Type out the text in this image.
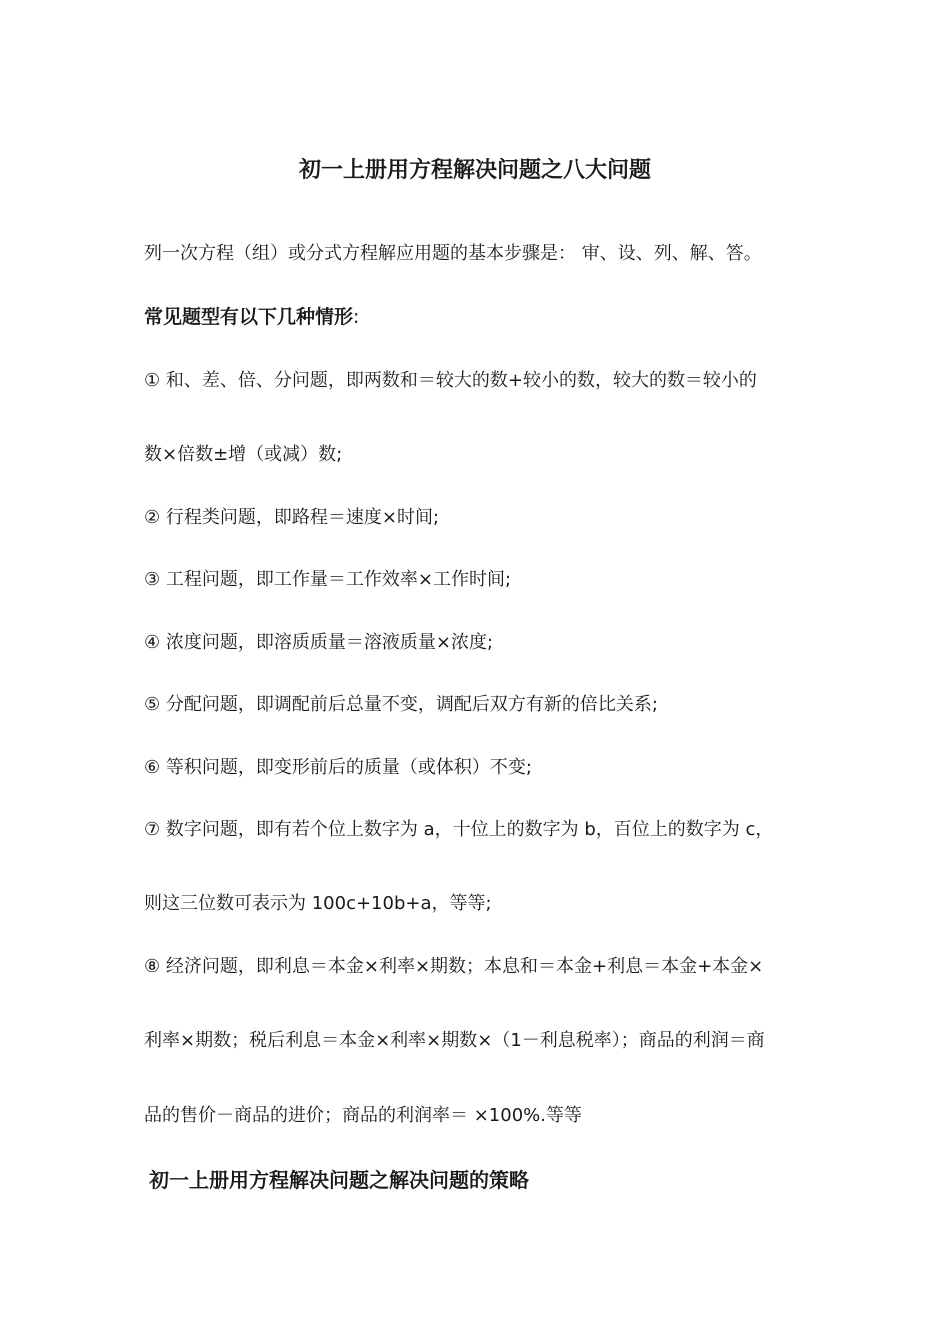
初一上册用方程解决问题之八大问题
列一次方程（组）或分式方程解应用题的基本步骤是： 审、设、列、解、答。
常见题型有以下几种情形:
① 和、差、倍、分问题，即两数和＝较大的数+较小的数，较大的数＝较小的
数×倍数±增（或减）数;
② 行程类问题，即路程＝速度×时间;
③ 工程问题，即工作量＝工作效率×工作时间;
④ 浓度问题，即溶质质量＝溶液质量×浓度;
⑤ 分配问题，即调配前后总量不变，调配后双方有新的倍比关系;
⑥ 等积问题，即变形前后的质量（或体积）不变;
⑦ 数字问题，即有若个位上数字为 a，十位上的数字为 b，百位上的数字为 c，
则这三位数可表示为 100c+10b+a，等等;
⑧ 经济问题，即利息＝本金×利率×期数；本息和＝本金+利息＝本金+本金×
利率×期数；税后利息＝本金×利率×期数×（1－利息税率）；商品的利润＝商
品的售价－商品的进价；商品的利润率＝ ×100%.等等
初一上册用方程解决问题之解决问题的策略
